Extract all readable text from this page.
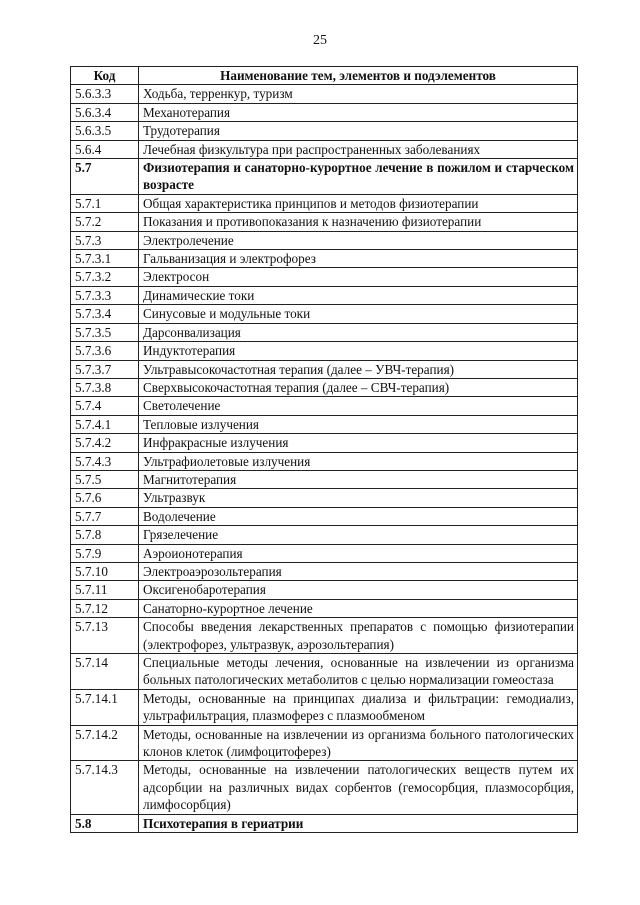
25
Код	Наименование тем, элементов и подэлементов
5.6.3.3	Ходьба, терренкур, туризм
5.6.3.4	Механотерапия
5.6.3.5	Трудотерапия
5.6.4	Лечебная физкультура при распространенных заболеваниях
5.7	Физиотерапия и санаторно-курортное лечение в пожилом и старческом возрасте
5.7.1	Общая характеристика принципов и методов физиотерапии
5.7.2	Показания и противопоказания к назначению физиотерапии
5.7.3	Электролечение
5.7.3.1	Гальванизация и электрофорез
5.7.3.2	Электросон
5.7.3.3	Динамические токи
5.7.3.4	Синусовые и модульные токи
5.7.3.5	Дарсонвализация
5.7.3.6	Индуктотерапия
5.7.3.7	Ультравысокочастотная терапия (далее – УВЧ-терапия)
5.7.3.8	Сверхвысокочастотная терапия (далее – СВЧ-терапия)
5.7.4	Светолечение
5.7.4.1	Тепловые излучения
5.7.4.2	Инфракрасные излучения
5.7.4.3	Ультрафиолетовые излучения
5.7.5	Магнитотерапия
5.7.6	Ультразвук
5.7.7	Водолечение
5.7.8	Грязелечение
5.7.9	Аэроионотерапия
5.7.10	Электроаэрозольтерапия
5.7.11	Оксигенобаротерапия
5.7.12	Санаторно-курортное лечение
5.7.13	Способы введения лекарственных препаратов с помощью физиотерапии (электрофорез, ультразвук, аэрозольтерапия)
5.7.14	Специальные методы лечения, основанные на извлечении из организма больных патологических метаболитов с целью нормализации гомеостаза
5.7.14.1	Методы, основанные на принципах диализа и фильтрации: гемодиализ, ультрафильтрация, плазмоферез с плазмообменом
5.7.14.2	Методы, основанные на извлечении из организма больного патологических клонов клеток (лимфоцитоферез)
5.7.14.3	Методы, основанные на извлечении патологических веществ путем их адсорбции на различных видах сорбентов (гемосорбция, плазмосорбция, лимфосорбция)
5.8	Психотерапия в гериатрии
